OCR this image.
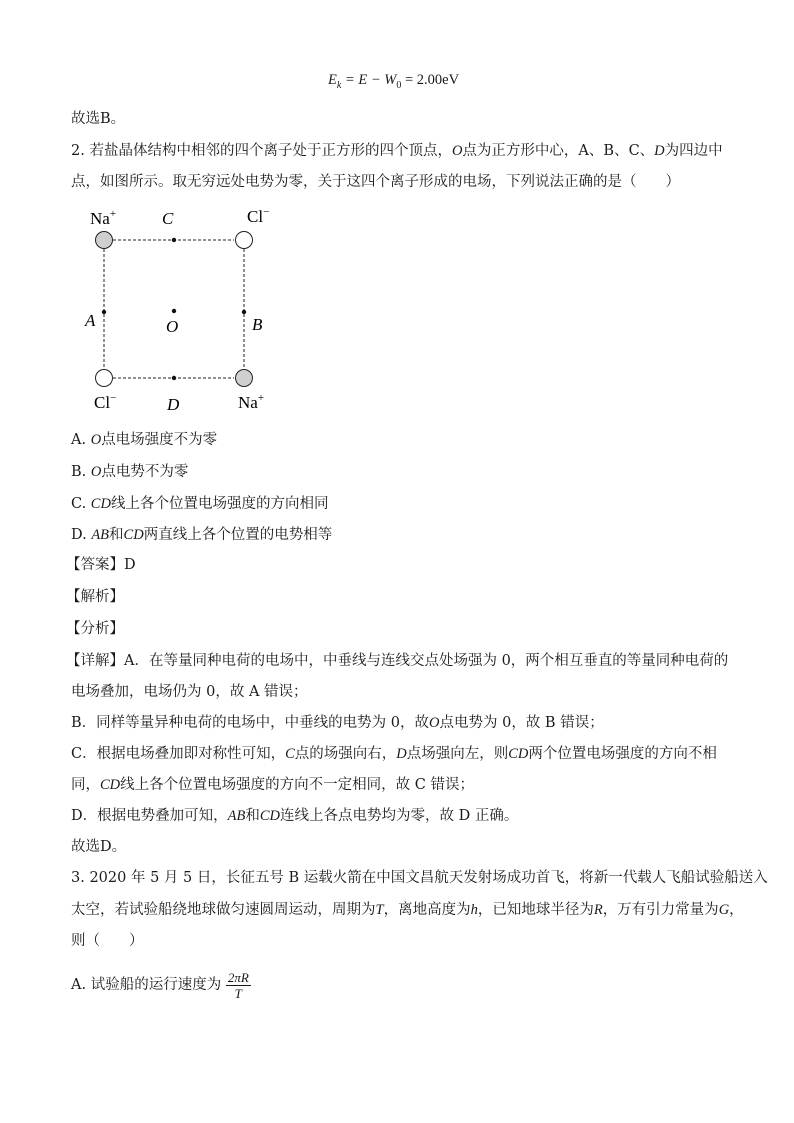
$E_k = E - W_0 = 2.00eV$
故选B。
2. 若盐晶体结构中相邻的四个离子处于正方形的四个顶点，O点为正方形中心，A、B、C、D为四边中
点，如图所示。取无穷远处电势为零，关于这四个离子形成的电场，下列说法正确的是（　　）
Na+	C	Cl−
A	O	B
Cl−	D	Na+
A. O点电场强度不为零
B. O点电势不为零
C. CD线上各个位置电场强度的方向相同
D. AB和CD两直线上各个位置的电势相等
【答案】D
【解析】
【分析】
【详解】A．在等量同种电荷的电场中，中垂线与连线交点处场强为 0，两个相互垂直的等量同种电荷的
电场叠加，电场仍为 0，故 A 错误；
B．同样等量异种电荷的电场中，中垂线的电势为 0，故O点电势为 0，故 B 错误；
C．根据电场叠加即对称性可知，C点的场强向右，D点场强向左，则CD两个位置电场强度的方向不相
同，CD线上各个位置电场强度的方向不一定相同，故 C 错误；
D．根据电势叠加可知，AB和CD连线上各点电势均为零，故 D 正确。
故选D。
3. 2020 年 5 月 5 日，长征五号 B 运载火箭在中国文昌航天发射场成功首飞，将新一代载人飞船试验船送入
太空，若试验船绕地球做匀速圆周运动，周期为T，离地高度为h，已知地球半径为R，万有引力常量为G，
则（　　）
A. 试验船的运行速度为 $\frac{2\pi R}{T}$
